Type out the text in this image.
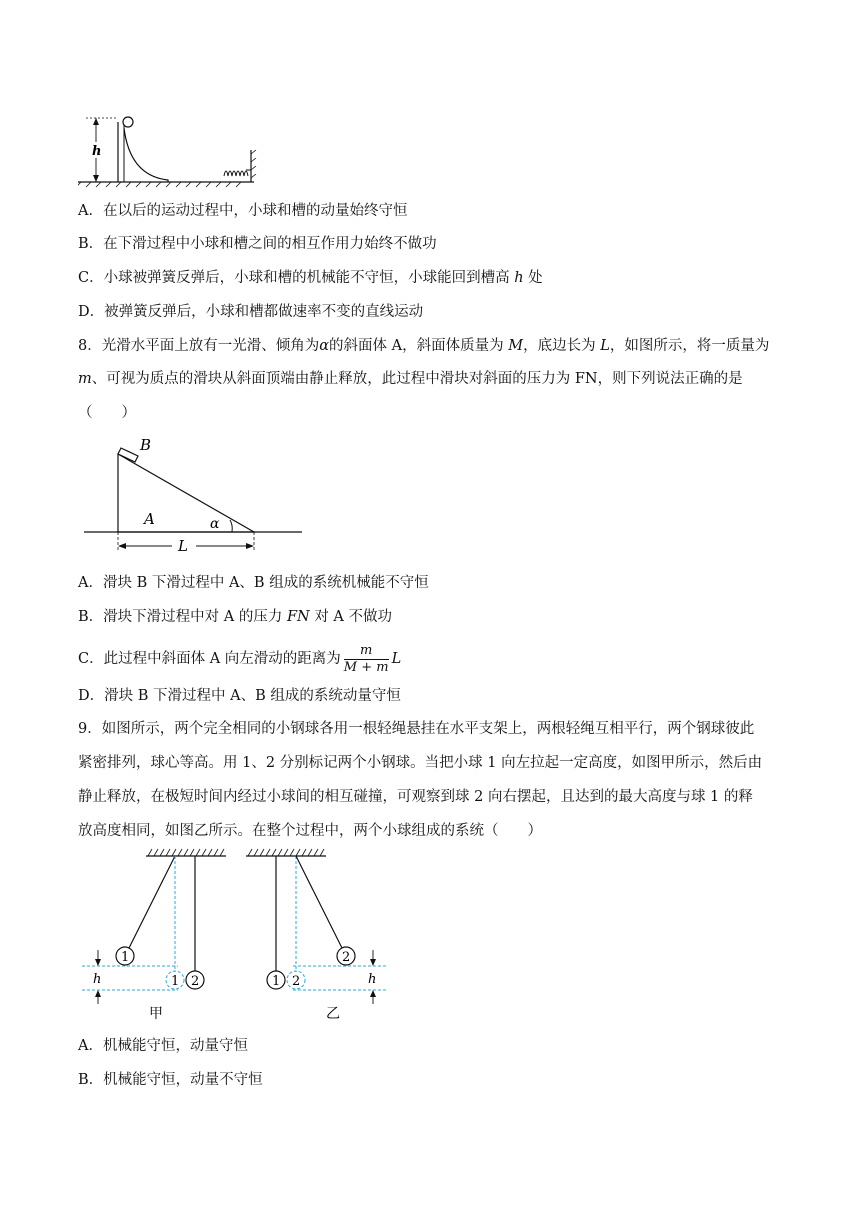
h
A．在以后的运动过程中，小球和槽的动量始终守恒
B．在下滑过程中小球和槽之间的相互作用力始终不做功
C．小球被弹簧反弹后，小球和槽的机械能不守恒，小球能回到槽高 h 处
D．被弹簧反弹后，小球和槽都做速率不变的直线运动
8．光滑水平面上放有一光滑、倾角为α的斜面体 A，斜面体质量为 M，底边长为 L，如图所示，将一质量为
m、可视为质点的滑块从斜面顶端由静止释放，此过程中滑块对斜面的压力为 FN，则下列说法正确的是
（　　）
B
A	α
L
A．滑块 B 下滑过程中 A、B 组成的系统机械能不守恒
B．滑块下滑过程中对 A 的压力 FN 对 A 不做功
C．此过程中斜面体 A 向左滑动的距离为 $\frac{m}{M + m}$ L
D．滑块 B 下滑过程中 A、B 组成的系统动量守恒
9．如图所示，两个完全相同的小钢球各用一根轻绳悬挂在水平支架上，两根轻绳互相平行，两个钢球彼此
紧密排列，球心等高。用 1、2 分别标记两个小钢球。当把小球 1 向左拉起一定高度，如图甲所示，然后由
静止释放，在极短时间内经过小球间的相互碰撞，可观察到球 2 向右摆起，且达到的最大高度与球 1 的释
放高度相同，如图乙所示。在整个过程中，两个小球组成的系统（　　）
1
1 2
h
甲
1 2
2
h
乙
A．机械能守恒，动量守恒
B．机械能守恒，动量不守恒
